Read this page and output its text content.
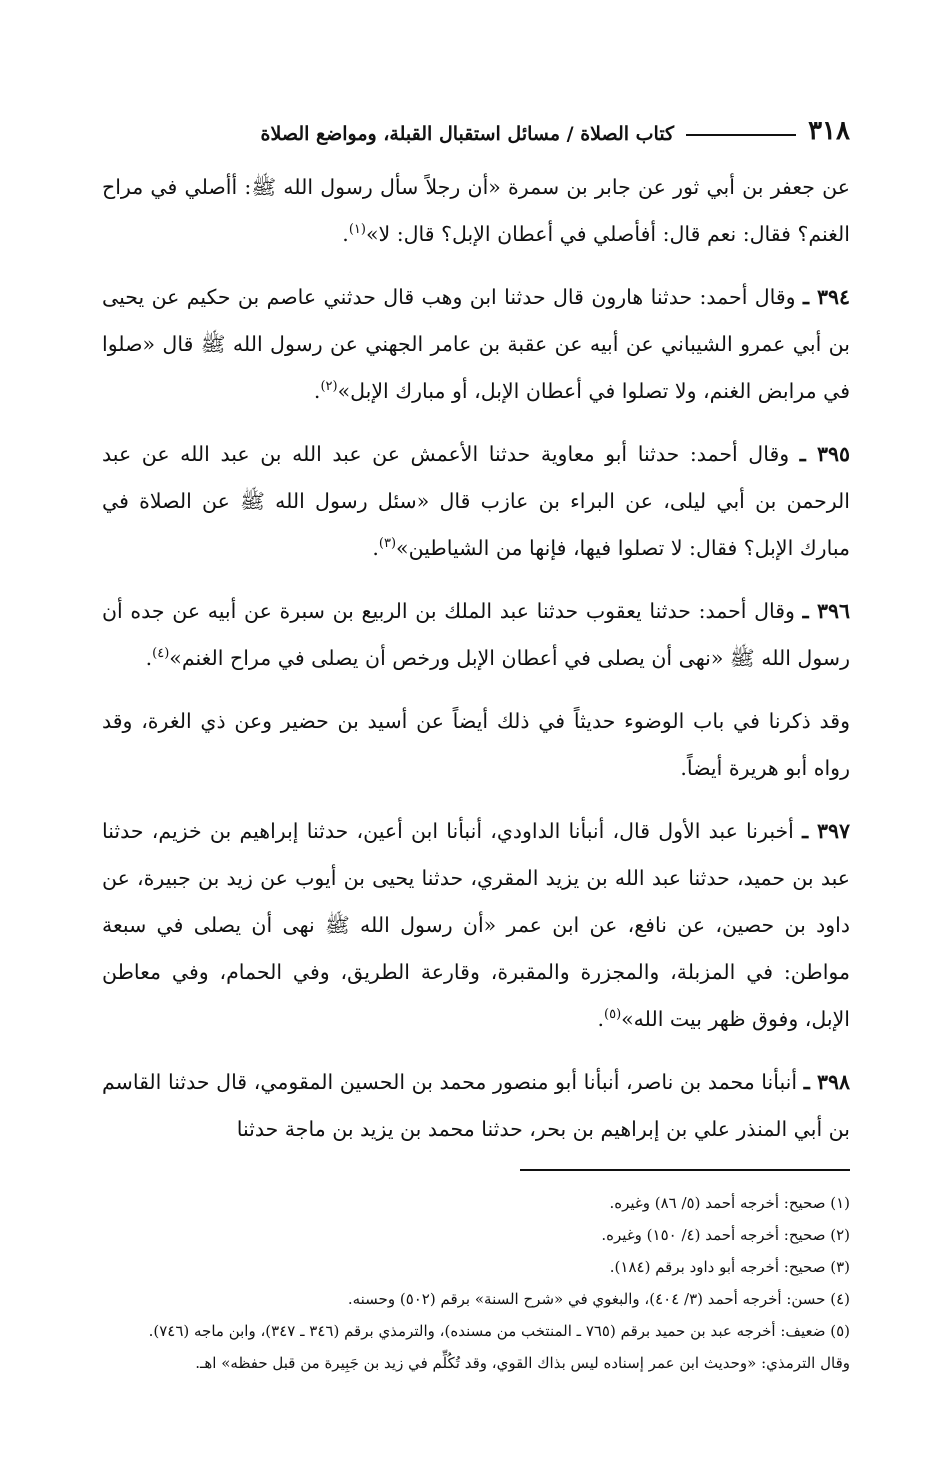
٣١٨
كتاب الصلاة / مسائل استقبال القبلة، ومواضع الصلاة

عن جعفر بن أبي ثور عن جابر بن سمرة «أن رجلاً سأل رسول الله ﷺ: أأصلي في مراح الغنم؟ فقال: نعم قال: أفأصلي في أعطان الإبل؟ قال: لا»$^{(١)}$.

٣٩٤ ـ وقال أحمد: حدثنا هارون قال حدثنا ابن وهب قال حدثني عاصم بن حكيم عن يحيى بن أبي عمرو الشيباني عن أبيه عن عقبة بن عامر الجهني عن رسول الله ﷺ قال «صلوا في مرابض الغنم، ولا تصلوا في أعطان الإبل، أو مبارك الإبل»$^{(٢)}$.

٣٩٥ ـ وقال أحمد: حدثنا أبو معاوية حدثنا الأعمش عن عبد الله بن عبد الله عن عبد الرحمن بن أبي ليلى، عن البراء بن عازب قال «سئل رسول الله ﷺ عن الصلاة في مبارك الإبل؟ فقال: لا تصلوا فيها، فإنها من الشياطين»$^{(٣)}$.

٣٩٦ ـ وقال أحمد: حدثنا يعقوب حدثنا عبد الملك بن الربيع بن سبرة عن أبيه عن جده أن رسول الله ﷺ «نهى أن يصلى في أعطان الإبل ورخص أن يصلى في مراح الغنم»$^{(٤)}$.

وقد ذكرنا في باب الوضوء حديثاً في ذلك أيضاً عن أسيد بن حضير وعن ذي الغرة، وقد رواه أبو هريرة أيضاً.

٣٩٧ ـ أخبرنا عبد الأول قال، أنبأنا الداودي، أنبأنا ابن أعين، حدثنا إبراهيم بن خزيم، حدثنا عبد بن حميد، حدثنا عبد الله بن يزيد المقري، حدثنا يحيى بن أيوب عن زيد بن جبيرة، عن داود بن حصين، عن نافع، عن ابن عمر «أن رسول الله ﷺ نهى أن يصلى في سبعة مواطن: في المزبلة، والمجزرة والمقبرة، وقارعة الطريق، وفي الحمام، وفي معاطن الإبل، وفوق ظهر بيت الله»$^{(٥)}$.

٣٩٨ ـ أنبأنا محمد بن ناصر، أنبأنا أبو منصور محمد بن الحسين المقومي، قال حدثنا القاسم بن أبي المنذر علي بن إبراهيم بن بحر، حدثنا محمد بن يزيد بن ماجة حدثنا

(١) صحيح: أخرجه أحمد (٥/ ٨٦) وغيره.

(٢) صحيح: أخرجه أحمد (٤/ ١٥٠) وغيره.

(٣) صحيح: أخرجه أبو داود برقم (١٨٤).

(٤) حسن: أخرجه أحمد (٣/ ٤٠٤)، والبغوي في «شرح السنة» برقم (٥٠٢) وحسنه.

(٥) ضعيف: أخرجه عبد بن حميد برقم (٧٦٥ ـ المنتخب من مسنده)، والترمذي برقم (٣٤٦ ـ ٣٤٧)، وابن ماجه (٧٤٦).

وقال الترمذي: «وحديث ابن عمر إسناده ليس بذاك القوي، وقد تُكُلِّم في زيد بن جَبِيرة من قبل حفظه» اهـ.
